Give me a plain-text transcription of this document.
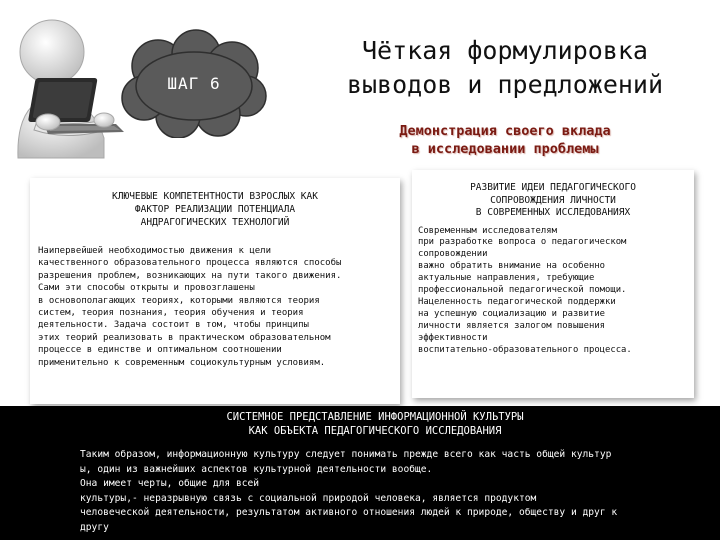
ШАГ 6
Чёткая формулировка
выводов и предложений
Демонстрация своего вклада
в исследовании проблемы
КЛЮЧЕВЫЕ КОМПЕТЕНТНОСТИ ВЗРОСЛЫХ КАК
ФАКТОР РЕАЛИЗАЦИИ ПОТЕНЦИАЛА
АНДРАГОГИЧЕСКИХ ТЕХНОЛОГИЙ
Наипервейшей необходимостью движения к цели
качественного образовательного процесса являются способы
разрешения проблем, возникающих на пути такого движения.
Сами эти способы открыты и провозглашены
в основополагающих теориях, которыми являются теория
систем, теория познания, теория обучения и теория
деятельности. Задача состоит в том, чтобы принципы
этих теорий реализовать в практическом образовательном
процессе в единстве и оптимальном соотношении
применительно к современным социокультурным условиям.
РАЗВИТИЕ ИДЕИ ПЕДАГОГИЧЕСКОГО
СОПРОВОЖДЕНИЯ ЛИЧНОСТИ
В СОВРЕМЕННЫХ ИССЛЕДОВАНИЯХ
Современным исследователям
при разработке вопроса о педагогическом
сопровождении
важно обратить внимание на особенно
актуальные направления, требующие
профессиональной педагогической помощи.
Нацеленность педагогической поддержки
на успешную социализацию и развитие
личности является залогом повышения
эффективности
воспитательно-образовательного процесса.
СИСТЕМНОЕ ПРЕДСТАВЛЕНИЕ ИНФОРМАЦИОННОЙ КУЛЬТУРЫ
КАК ОБЪЕКТА ПЕДАГОГИЧЕСКОГО ИССЛЕДОВАНИЯ
Таким образом, информационную культуру следует понимать прежде всего как часть общей культур
ы, один из важнейших аспектов культурной деятельности вообще.
Она имеет черты, общие для всей
культуры,- неразрывную связь с социальной природой человека, является продуктом
человеческой деятельности, результатом активного отношения людей к природе, обществу и друг к
другу
